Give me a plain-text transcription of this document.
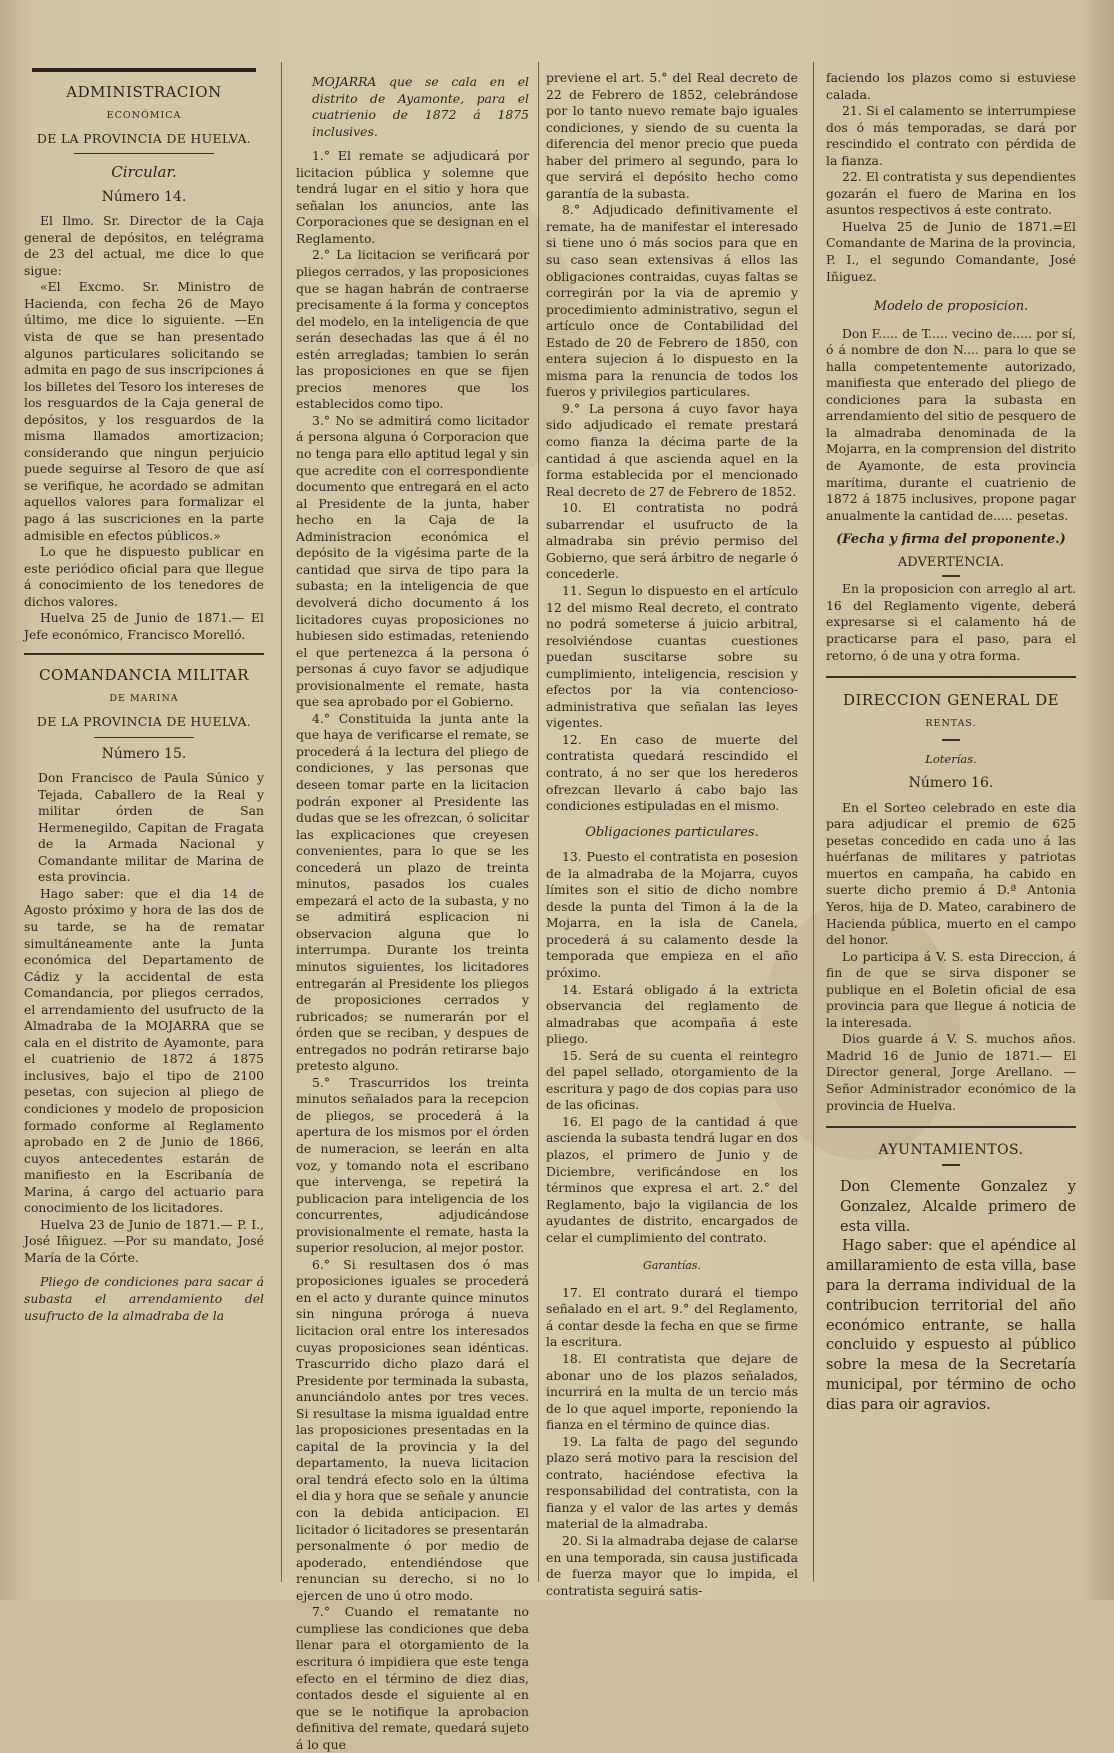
ADMINISTRACION
ECONÓMICA
DE LA PROVINCIA DE HUELVA.
Circular.
Número 14.

El Ilmo. Sr. Director de la Caja general de depósitos, en telégrama de 23 del actual, me dice lo que sigue:

«El Excmo. Sr. Ministro de Hacienda, con fecha 26 de Mayo último, me dice lo siguiente. —En vista de que se han presentado algunos particulares solicitando se admita en pago de sus inscripciones á los billetes del Tesoro los intereses de los resguardos de la Caja general de depósitos, y los resguardos de la misma llamados amortizacion; considerando que ningun perjuicio puede seguirse al Tesoro de que así se verifique, he acordado se admitan aquellos valores para formalizar el pago á las suscriciones en la parte admisible en efectos públicos.»

Lo que he dispuesto publicar en este periódico oficial para que llegue á conocimiento de los tenedores de dichos valores.

Huelva 25 de Junio de 1871.— El Jefe económico, Francisco Morelló.

COMANDANCIA MILITAR
DE MARINA
DE LA PROVINCIA DE HUELVA.
Número 15.

Don Francisco de Paula Súnico y Tejada, Caballero de la Real y militar órden de San Hermenegildo, Capitan de Fragata de la Armada Nacional y Comandante militar de Marina de esta provincia.

Hago saber: que el dia 14 de Agosto próximo y hora de las dos de su tarde, se ha de rematar simultáneamente ante la Junta económica del Departamento de Cádiz y la accidental de esta Comandancia, por pliegos cerrados, el arrendamiento del usufructo de la Almadraba de la MOJARRA que se cala en el distrito de Ayamonte, para el cuatrienio de 1872 á 1875 inclusives, bajo el tipo de 2100 pesetas, con sujecion al pliego de condiciones y modelo de proposicion formado conforme al Reglamento aprobado en 2 de Junio de 1866, cuyos antecedentes estarán de manifiesto en la Escribanía de Marina, á cargo del actuario para conocimiento de los licitadores.

Huelva 23 de Junio de 1871.— P. I., José Iñiguez. —Por su mandato, José María de la Córte.

Pliego de condiciones para sacar á subasta el arrendamiento del usufructo de la almadraba de la

MOJARRA que se cala en el distrito de Ayamonte, para el cuatrienio de 1872 á 1875 inclusives.

1.° El remate se adjudicará por licitacion pública y solemne que tendrá lugar en el sitio y hora que señalan los anuncios, ante las Corporaciones que se designan en el Reglamento.

2.° La licitacion se verificará por pliegos cerrados, y las proposiciones que se hagan habrán de contraerse precisamente á la forma y conceptos del modelo, en la inteligencia de que serán desechadas las que á él no estén arregladas; tambien lo serán las proposiciones en que se fijen precios menores que los establecidos como tipo.

3.° No se admitirá como licitador á persona alguna ó Corporacion que no tenga para ello aptitud legal y sin que acredite con el correspondiente documento que entregará en el acto al Presidente de la junta, haber hecho en la Caja de la Administracion económica el depósito de la vigésima parte de la cantidad que sirva de tipo para la subasta; en la inteligencia de que devolverá dicho documento á los licitadores cuyas proposiciones no hubiesen sido estimadas, reteniendo el que pertenezca á la persona ó personas á cuyo favor se adjudique provisionalmente el remate, hasta que sea aprobado por el Gobierno.

4.° Constituida la junta ante la que haya de verificarse el remate, se procederá á la lectura del pliego de condiciones, y las personas que deseen tomar parte en la licitacion podrán exponer al Presidente las dudas que se les ofrezcan, ó solicitar las explicaciones que creyesen convenientes, para lo que se les concederá un plazo de treinta minutos, pasados los cuales empezará el acto de la subasta, y no se admitirá esplicacion ni observacion alguna que lo interrumpa. Durante los treinta minutos siguientes, los licitadores entregarán al Presidente los pliegos de proposiciones cerrados y rubricados; se numerarán por el órden que se reciban, y despues de entregados no podrán retirarse bajo pretesto alguno.

5.° Trascurridos los treinta minutos señalados para la recepcion de pliegos, se procederá á la apertura de los mismos por el órden de numeracion, se leerán en alta voz, y tomando nota el escribano que intervenga, se repetirá la publicacion para inteligencia de los concurrentes, adjudicándose provisionalmente el remate, hasta la superior resolucion, al mejor postor.

6.° Si resultasen dos ó mas proposiciones iguales se procederá en el acto y durante quince minutos sin ninguna próroga á nueva licitacion oral entre los interesados cuyas proposiciones sean idénticas. Trascurrido dicho plazo dará el Presidente por terminada la subasta, anunciándolo antes por tres veces. Si resultase la misma igualdad entre las proposiciones presentadas en la capital de la provincia y la del departamento, la nueva licitacion oral tendrá efecto solo en la última el dia y hora que se señale y anuncie con la debida anticipacion. El licitador ó licitadores se presentarán personalmente ó por medio de apoderado, entendiéndose que renuncian su derecho, si no lo ejercen de uno ú otro modo.

7.° Cuando el rematante no cumpliese las condiciones que deba llenar para el otorgamiento de la escritura ó impidiera que este tenga efecto en el término de diez dias, contados desde el siguiente al en que se le notifique la aprobacion definitiva del remate, quedará sujeto á lo que

previene el art. 5.° del Real decreto de 22 de Febrero de 1852, celebrándose por lo tanto nuevo remate bajo iguales condiciones, y siendo de su cuenta la diferencia del menor precio que pueda haber del primero al segundo, para lo que servirá el depósito hecho como garantía de la subasta.

8.° Adjudicado definitivamente el remate, ha de manifestar el interesado si tiene uno ó más socios para que en su caso sean extensivas á ellos las obligaciones contraidas, cuyas faltas se corregirán por la via de apremio y procedimiento administrativo, segun el artículo once de Contabilidad del Estado de 20 de Febrero de 1850, con entera sujecion á lo dispuesto en la misma para la renuncia de todos los fueros y privilegios particulares.

9.° La persona á cuyo favor haya sido adjudicado el remate prestará como fianza la décima parte de la cantidad á que ascienda aquel en la forma establecida por el mencionado Real decreto de 27 de Febrero de 1852.

10. El contratista no podrá subarrendar el usufructo de la almadraba sin prévio permiso del Gobierno, que será árbitro de negarle ó concederle.

11. Segun lo dispuesto en el artículo 12 del mismo Real decreto, el contrato no podrá someterse á juicio arbitral, resolviéndose cuantas cuestiones puedan suscitarse sobre su cumplimiento, inteligencia, rescision y efectos por la via contencioso-administrativa que señalan las leyes vigentes.

12. En caso de muerte del contratista quedará rescindido el contrato, á no ser que los herederos ofrezcan llevarlo á cabo bajo las condiciones estipuladas en el mismo.

Obligaciones particulares.

13. Puesto el contratista en posesion de la almadraba de la Mojarra, cuyos límites son el sitio de dicho nombre desde la punta del Timon á la de la Mojarra, en la isla de Canela, procederá á su calamento desde la temporada que empieza en el año próximo.

14. Estará obligado á la extricta observancia del reglamento de almadrabas que acompaña á este pliego.

15. Será de su cuenta el reintegro del papel sellado, otorgamiento de la escritura y pago de dos copias para uso de las oficinas.

16. El pago de la cantidad á que ascienda la subasta tendrá lugar en dos plazos, el primero de Junio y de Diciembre, verificándose en los términos que expresa el art. 2.° del Reglamento, bajo la vigilancia de los ayudantes de distrito, encargados de celar el cumplimiento del contrato.

Garantías.

17. El contrato durará el tiempo señalado en el art. 9.° del Reglamento, á contar desde la fecha en que se firme la escritura.

18. El contratista que dejare de abonar uno de los plazos señalados, incurrirá en la multa de un tercio más de lo que aquel importe, reponiendo la fianza en el término de quince dias.

19. La falta de pago del segundo plazo será motivo para la rescision del contrato, haciéndose efectiva la responsabilidad del contratista, con la fianza y el valor de las artes y demás material de la almadraba.

20. Si la almadraba dejase de calarse en una temporada, sin causa justificada de fuerza mayor que lo impida, el contratista seguirá satis-

faciendo los plazos como si estuviese calada.

21. Si el calamento se interrumpiese dos ó más temporadas, se dará por rescindido el contrato con pérdida de la fianza.

22. El contratista y sus dependientes gozarán el fuero de Marina en los asuntos respectivos á este contrato.

Huelva 25 de Junio de 1871.=El Comandante de Marina de la provincia, P. I., el segundo Comandante, José Iñiguez.

Modelo de proposicion.

Don F..... de T..... vecino de..... por sí, ó á nombre de don N.... para lo que se halla competentemente autorizado, manifiesta que enterado del pliego de condiciones para la subasta en arrendamiento del sitio de pesquero de la almadraba denominada de la Mojarra, en la comprension del distrito de Ayamonte, de esta provincia marítima, durante el cuatrienio de 1872 á 1875 inclusives, propone pagar anualmente la cantidad de..... pesetas.

(Fecha y firma del proponente.)
ADVERTENCIA.

En la proposicion con arreglo al art. 16 del Reglamento vigente, deberá expresarse si el calamento há de practicarse para el paso, para el retorno, ó de una y otra forma.

DIRECCION GENERAL DE
RENTAS.
Loterías.
Número 16.

En el Sorteo celebrado en este dia para adjudicar el premio de 625 pesetas concedido en cada uno á las huérfanas de militares y patriotas muertos en campaña, ha cabido en suerte dicho premio á D.ª Antonia Yeros, hija de D. Mateo, carabinero de Hacienda pública, muerto en el campo del honor.

Lo participa á V. S. esta Direccion, á fin de que se sirva disponer se publique en el Boletin oficial de esa provincia para que llegue á noticia de la interesada.

Dios guarde á V. S. muchos años. Madrid 16 de Junio de 1871.— El Director general, Jorge Arellano. —Señor Administrador económico de la provincia de Huelva.

AYUNTAMIENTOS.

Don Clemente Gonzalez y Gonzalez, Alcalde primero de esta villa.

Hago saber: que el apéndice al amillaramiento de esta villa, base para la derrama individual de la contribucion territorial del año económico entrante, se halla concluido y espuesto al público sobre la mesa de la Secretaría municipal, por término de ocho dias para oir agravios.
